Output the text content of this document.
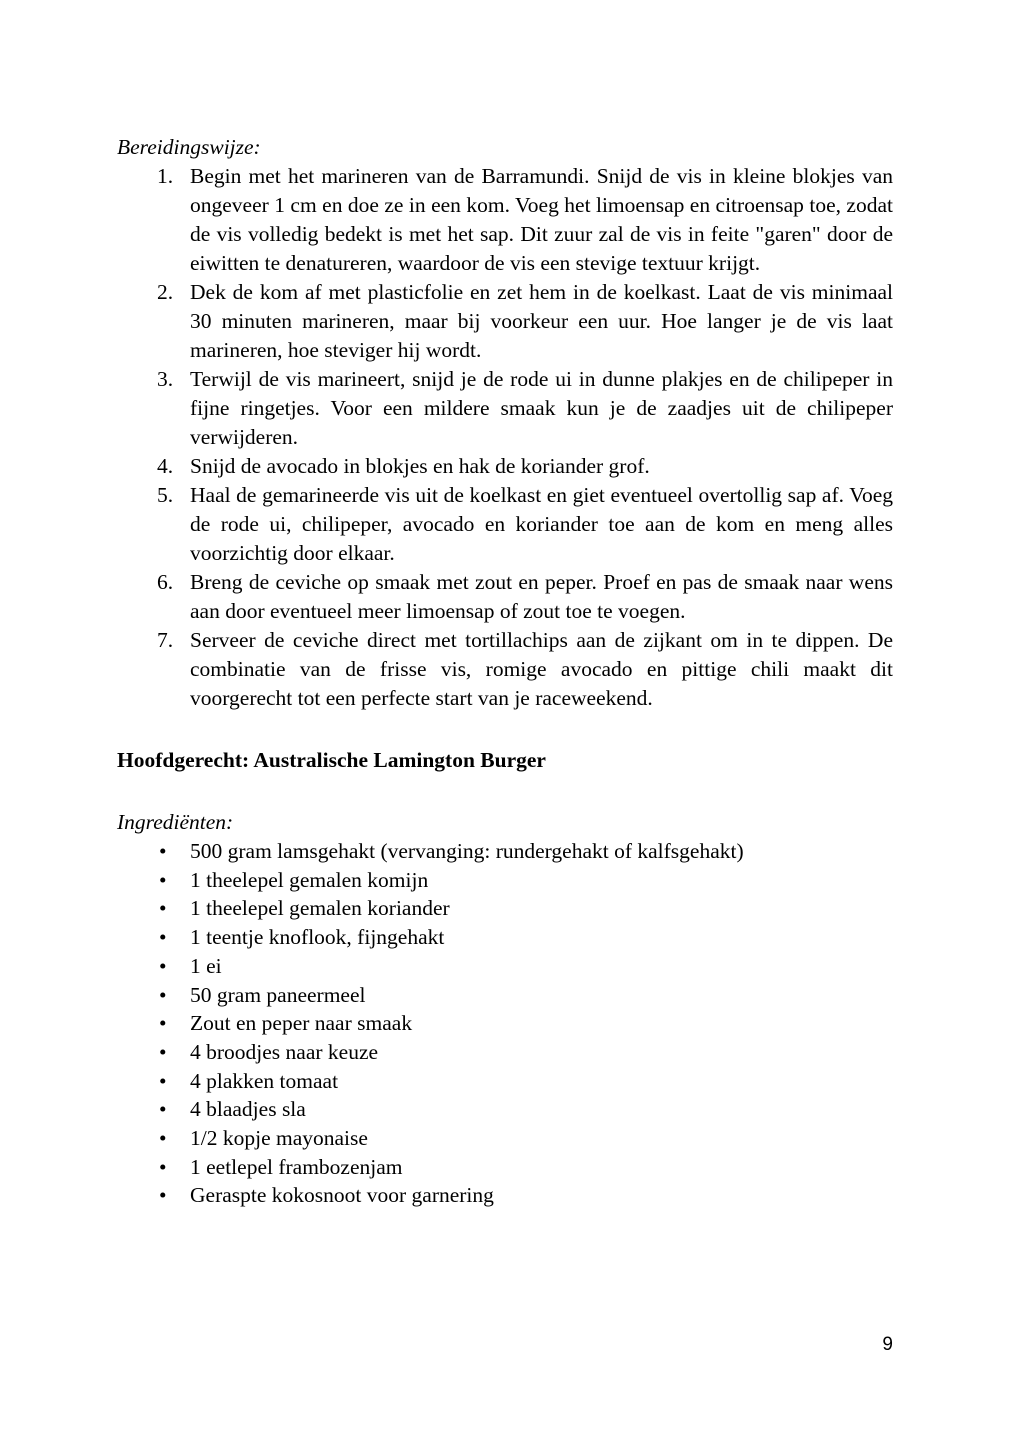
Bereidingswijze:

1. Begin met het marineren van de Barramundi. Snijd de vis in kleine blokjes van ongeveer 1 cm en doe ze in een kom. Voeg het limoensap en citroensap toe, zodat de vis volledig bedekt is met het sap. Dit zuur zal de vis in feite "garen" door de eiwitten te denatureren, waardoor de vis een stevige textuur krijgt.
2. Dek de kom af met plasticfolie en zet hem in de koelkast. Laat de vis minimaal 30 minuten marineren, maar bij voorkeur een uur. Hoe langer je de vis laat marineren, hoe steviger hij wordt.
3. Terwijl de vis marineert, snijd je de rode ui in dunne plakjes en de chilipeper in fijne ringetjes. Voor een mildere smaak kun je de zaadjes uit de chilipeper verwijderen.
4. Snijd de avocado in blokjes en hak de koriander grof.
5. Haal de gemarineerde vis uit de koelkast en giet eventueel overtollig sap af. Voeg de rode ui, chilipeper, avocado en koriander toe aan de kom en meng alles voorzichtig door elkaar.
6. Breng de ceviche op smaak met zout en peper. Proef en pas de smaak naar wens aan door eventueel meer limoensap of zout toe te voegen.
7. Serveer de ceviche direct met tortillachips aan de zijkant om in te dippen. De combinatie van de frisse vis, romige avocado en pittige chili maakt dit voorgerecht tot een perfecte start van je raceweekend.

Hoofdgerecht: Australische Lamington Burger

Ingrediënten:

• 500 gram lamsgehakt (vervanging: rundergehakt of kalfsgehakt)
• 1 theelepel gemalen komijn
• 1 theelepel gemalen koriander
• 1 teentje knoflook, fijngehakt
• 1 ei
• 50 gram paneermeel
• Zout en peper naar smaak
• 4 broodjes naar keuze
• 4 plakken tomaat
• 4 blaadjes sla
• 1/2 kopje mayonaise
• 1 eetlepel frambozenjam
• Geraspte kokosnoot voor garnering
9
